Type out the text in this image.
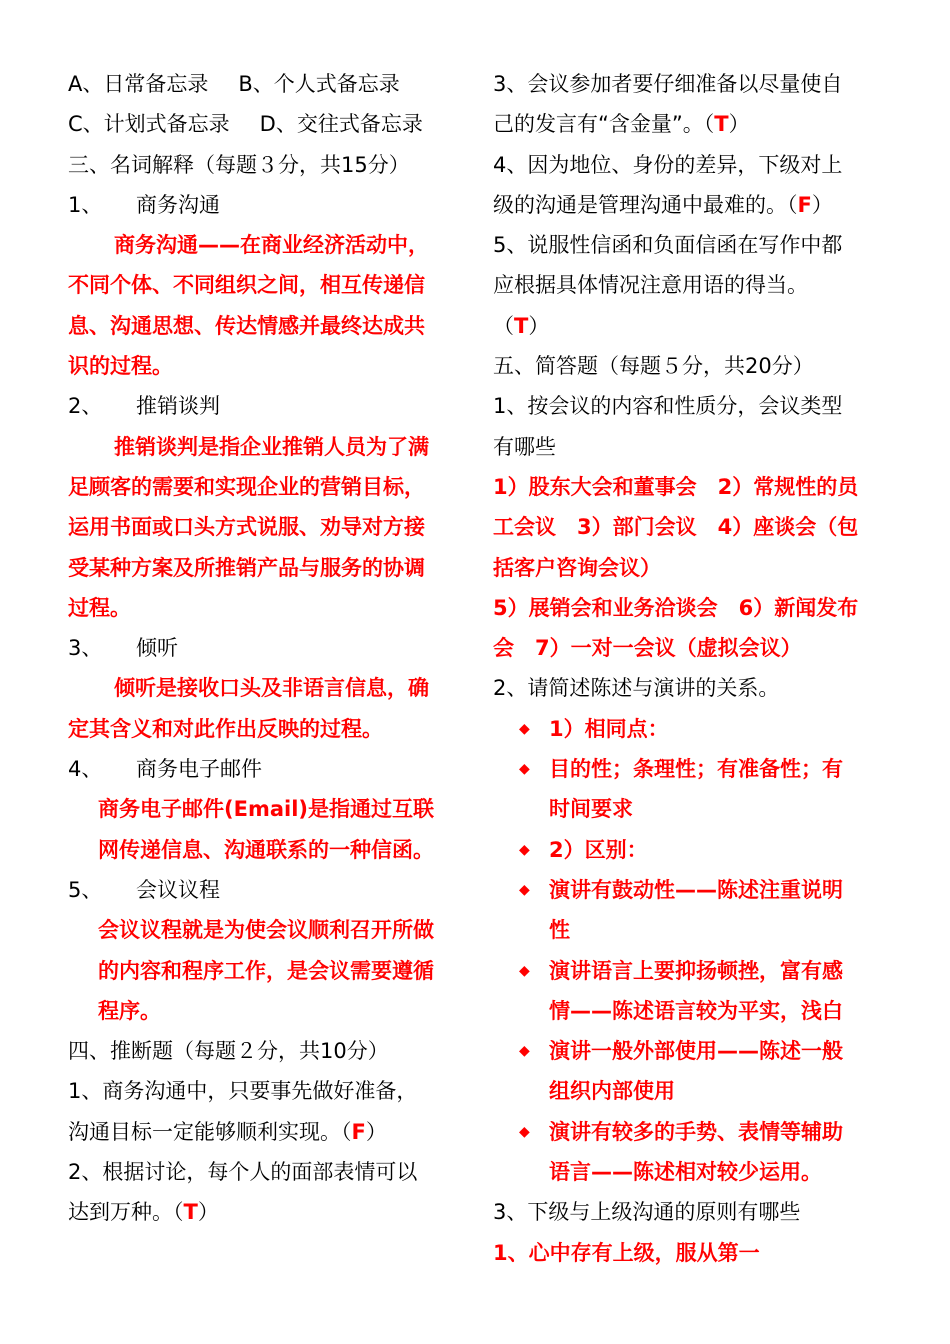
A、日常备忘录 B、个人式备忘录
C、计划式备忘录 D、交往式备忘录
三、名词解释（每题３分，共15分）
1、 商务沟通
商务沟通——在商业经济活动中，
不同个体、不同组织之间，相互传递信
息、沟通思想、传达情感并最终达成共
识的过程。
2、 推销谈判
推销谈判是指企业推销人员为了满
足顾客的需要和实现企业的营销目标，
运用书面或口头方式说服、劝导对方接
受某种方案及所推销产品与服务的协调
过程。
3、 倾听
倾听是接收口头及非语言信息，确
定其含义和对此作出反映的过程。
4、 商务电子邮件
商务电子邮件(Email)是指通过互联
网传递信息、沟通联系的一种信函。
5、 会议议程
会议议程就是为使会议顺利召开所做
的内容和程序工作，是会议需要遵循
程序。
四、推断题（每题２分，共10分）
1、商务沟通中，只要事先做好准备，
沟通目标一定能够顺利实现。（F）
2、根据讨论，每个人的面部表情可以
达到万种。（T）
3、会议参加者要仔细准备以尽量使自
己的发言有“含金量”。（T）
4、因为地位、身份的差异，下级对上
级的沟通是管理沟通中最难的。（F）
5、说服性信函和负面信函在写作中都
应根据具体情况注意用语的得当。
（T）
五、简答题（每题５分，共20分）
1、按会议的内容和性质分，会议类型
有哪些
1）股东大会和董事会　2）常规性的员
工会议　3）部门会议　4）座谈会（包
括客户咨询会议）
5）展销会和业务洽谈会　6）新闻发布
会　7）一对一会议（虚拟会议）
2、请简述陈述与演讲的关系。
◆ 1）相同点：
◆ 目的性；条理性；有准备性；有
时间要求
◆ 2）区别：
◆ 演讲有鼓动性——陈述注重说明
性
◆ 演讲语言上要抑扬顿挫，富有感
情——陈述语言较为平实，浅白
◆ 演讲一般外部使用——陈述一般
组织内部使用
◆ 演讲有较多的手势、表情等辅助
语言——陈述相对较少运用。
3、下级与上级沟通的原则有哪些
1、心中存有上级，服从第一
